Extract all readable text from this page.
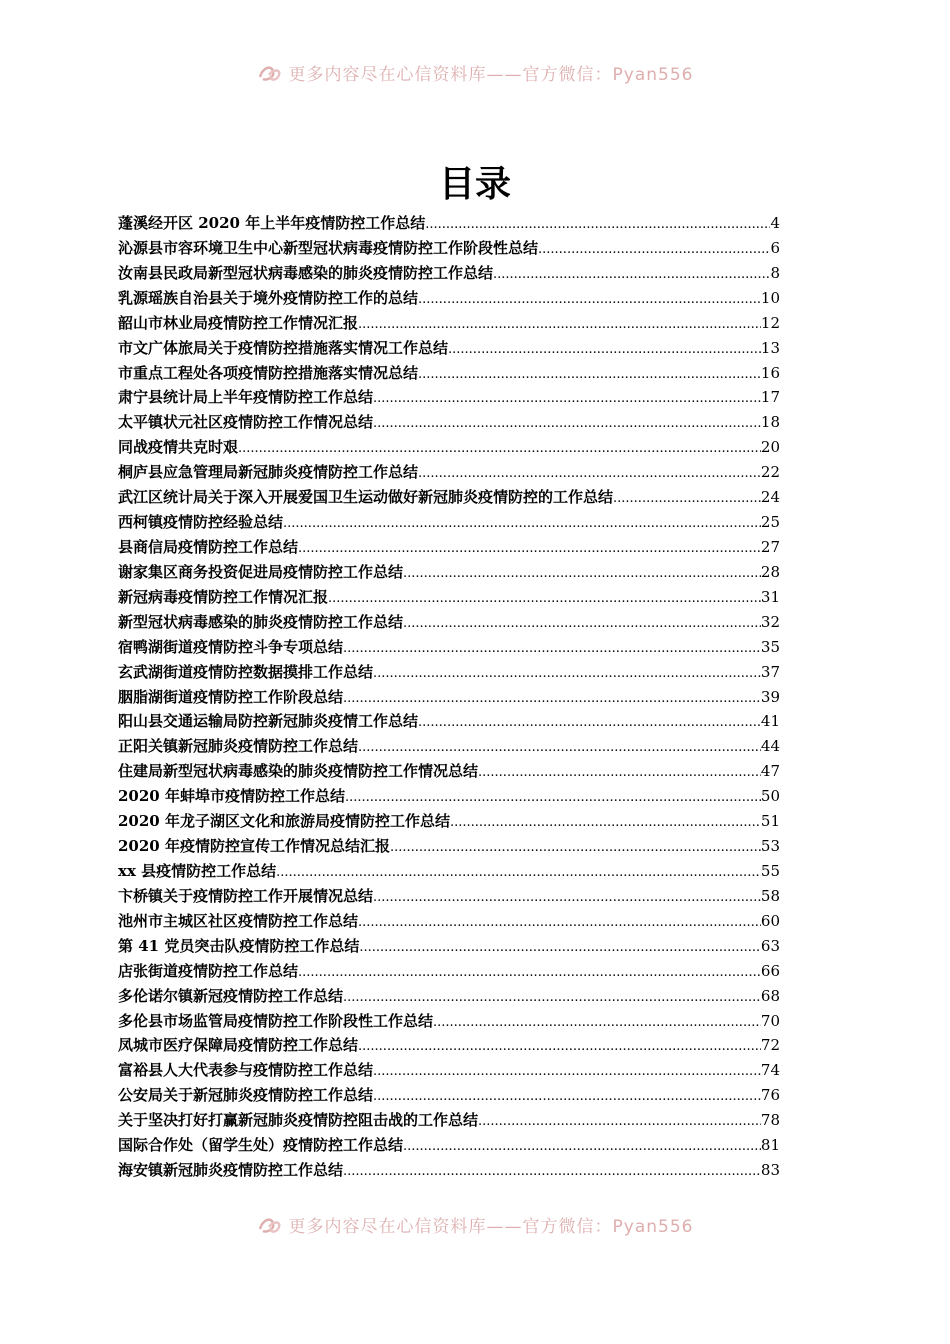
更多内容尽在心信资料库——官方微信：Pyan556
目录
蓬溪经开区 2020 年上半年疫情防控工作总结 .....	4
沁源县市容环境卫生中心新型冠状病毒疫情防控工作阶段性总结 .....	6
汝南县民政局新型冠状病毒感染的肺炎疫情防控工作总结 .....	8
乳源瑶族自治县关于境外疫情防控工作的总结 .....	10
韶山市林业局疫情防控工作情况汇报 .....	12
市文广体旅局关于疫情防控措施落实情况工作总结 .....	13
市重点工程处各项疫情防控措施落实情况总结 .....	16
肃宁县统计局上半年疫情防控工作总结 .....	17
太平镇状元社区疫情防控工作情况总结 .....	18
同战疫情共克时艰 .....	20
桐庐县应急管理局新冠肺炎疫情防控工作总结 .....	22
武江区统计局关于深入开展爱国卫生运动做好新冠肺炎疫情防控的工作总结 .....	24
西柯镇疫情防控经验总结 .....	25
县商信局疫情防控工作总结 .....	27
谢家集区商务投资促进局疫情防控工作总结 .....	28
新冠病毒疫情防控工作情况汇报 .....	31
新型冠状病毒感染的肺炎疫情防控工作总结 .....	32
宿鸭湖街道疫情防控斗争专项总结 .....	35
玄武湖街道疫情防控数据摸排工作总结 .....	37
胭脂湖街道疫情防控工作阶段总结 .....	39
阳山县交通运输局防控新冠肺炎疫情工作总结 .....	41
正阳关镇新冠肺炎疫情防控工作总结 .....	44
住建局新型冠状病毒感染的肺炎疫情防控工作情况总结 .....	47
2020 年蚌埠市疫情防控工作总结 .....	50
2020 年龙子湖区文化和旅游局疫情防控工作总结 .....	51
2020 年疫情防控宣传工作情况总结汇报 .....	53
xx 县疫情防控工作总结 .....	55
卞桥镇关于疫情防控工作开展情况总结 .....	58
池州市主城区社区疫情防控工作总结 .....	60
第 41 党员突击队疫情防控工作总结 .....	63
店张街道疫情防控工作总结 .....	66
多伦诺尔镇新冠疫情防控工作总结 .....	68
多伦县市场监管局疫情防控工作阶段性工作总结 .....	70
凤城市医疗保障局疫情防控工作总结 .....	72
富裕县人大代表参与疫情防控工作总结 .....	74
公安局关于新冠肺炎疫情防控工作总结 .....	76
关于坚决打好打赢新冠肺炎疫情防控阻击战的工作总结 .....	78
国际合作处（留学生处）疫情防控工作总结 .....	81
海安镇新冠肺炎疫情防控工作总结 .....	83
更多内容尽在心信资料库——官方微信：Pyan556
